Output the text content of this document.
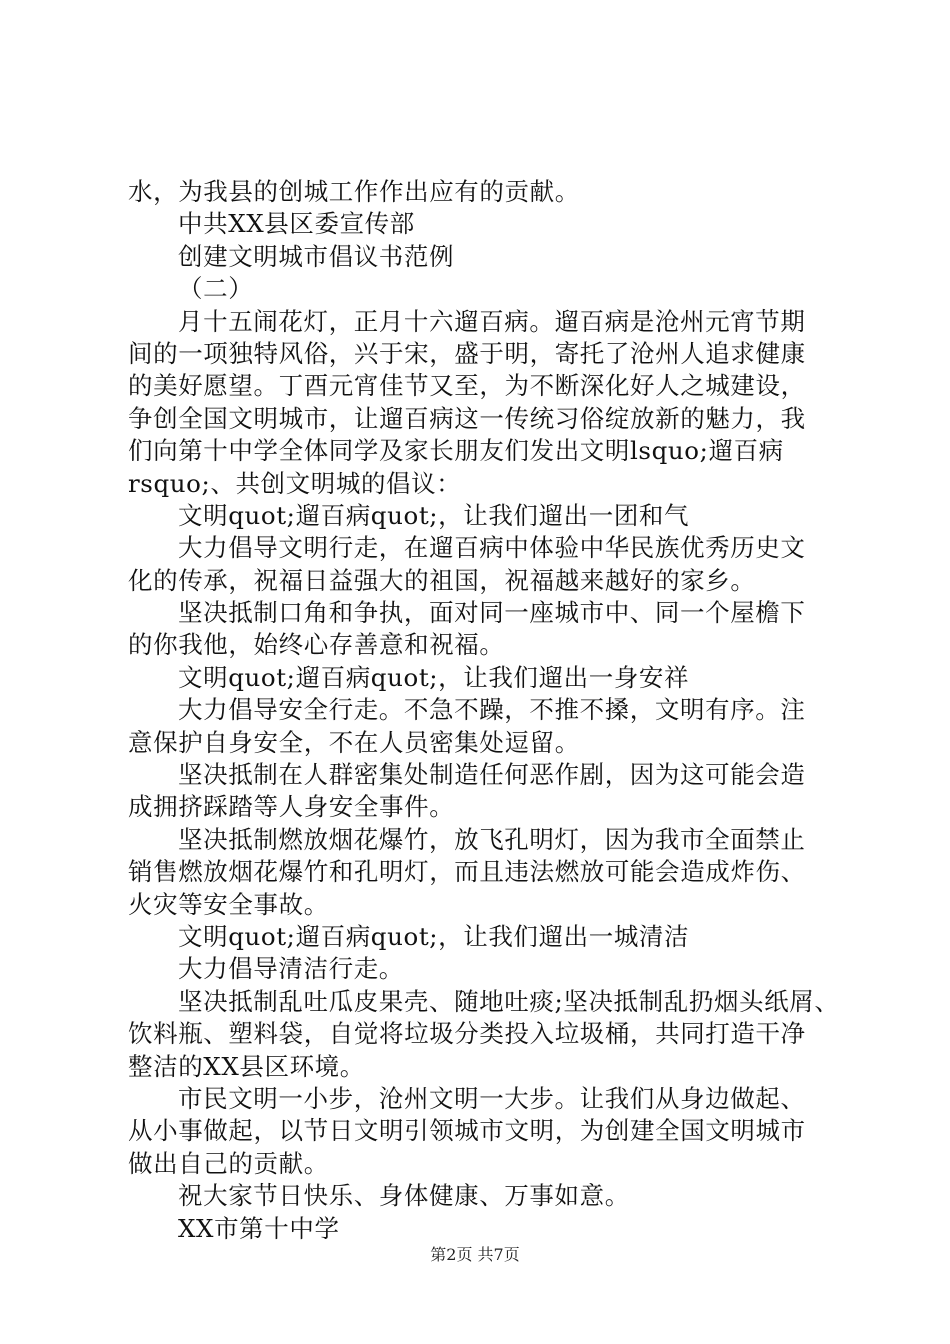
水，为我县的创城工作作出应有的贡献。
中共XX县区委宣传部
创建文明城市倡议书范例
（二）
月十五闹花灯，正月十六遛百病。遛百病是沧州元宵节期
间的一项独特风俗，兴于宋，盛于明，寄托了沧州人追求健康
的美好愿望。丁酉元宵佳节又至，为不断深化好人之城建设，
争创全国文明城市，让遛百病这一传统习俗绽放新的魅力，我
们向第十中学全体同学及家长朋友们发出文明lsquo;遛百病
rsquo;、共创文明城的倡议：
文明quot;遛百病quot;，让我们遛出一团和气
大力倡导文明行走，在遛百病中体验中华民族优秀历史文
化的传承，祝福日益强大的祖国，祝福越来越好的家乡。
坚决抵制口角和争执，面对同一座城市中、同一个屋檐下
的你我他，始终心存善意和祝福。
文明quot;遛百病quot;，让我们遛出一身安祥
大力倡导安全行走。不急不躁，不推不搡，文明有序。注
意保护自身安全，不在人员密集处逗留。
坚决抵制在人群密集处制造任何恶作剧，因为这可能会造
成拥挤踩踏等人身安全事件。
坚决抵制燃放烟花爆竹，放飞孔明灯，因为我市全面禁止
销售燃放烟花爆竹和孔明灯，而且违法燃放可能会造成炸伤、
火灾等安全事故。
文明quot;遛百病quot;，让我们遛出一城清洁
大力倡导清洁行走。
坚决抵制乱吐瓜皮果壳、随地吐痰;坚决抵制乱扔烟头纸屑、
饮料瓶、塑料袋，自觉将垃圾分类投入垃圾桶，共同打造干净
整洁的XX县区环境。
市民文明一小步，沧州文明一大步。让我们从身边做起、
从小事做起，以节日文明引领城市文明，为创建全国文明城市
做出自己的贡献。
祝大家节日快乐、身体健康、万事如意。
XX市第十中学
第2页 共7页
